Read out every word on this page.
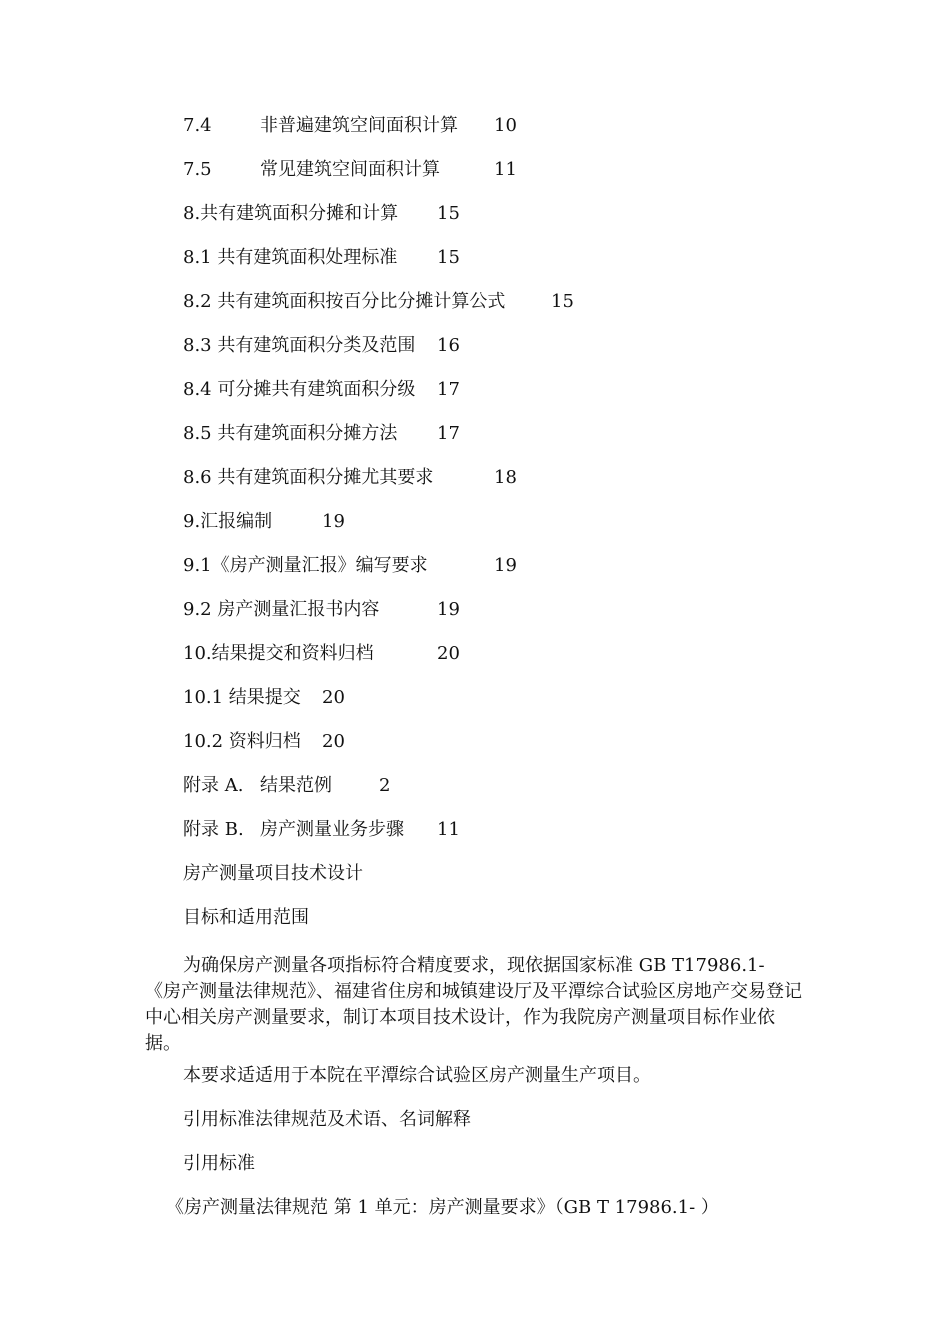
7.4	非普遍建筑空间面积计算 10
7.5	常见建筑空间面积计算	11
8.共有建筑面积分摊和计算 15
8.1 共有建筑面积处理标准 15
8.2 共有建筑面积按百分比分摊计算公式	15
8.3 共有建筑面积分类及范围 16
8.4 可分摊共有建筑面积分级 17
8.5 共有建筑面积分摊方法 17
8.6 共有建筑面积分摊尤其要求	18
9.汇报编制	19
9.1《房产测量汇报》编写要求	19
9.2 房产测量汇报书内容	19
10.结果提交和资料归档	20
10.1 结果提交 20
10.2 资料归档 20
附录 A. 结果范例	2
附录 B. 房产测量业务步骤 11
房产测量项目技术设计
目标和适用范围
为确保房产测量各项指标符合精度要求，现依据国家标准 GB T17986.1- 《房产测量法律规范》、福建省住房和城镇建设厅及平潭综合试验区房地产交易登记中心相关房产测量要求，制订本项目技术设计，作为我院房产测量项目标作业依据。
本要求适适用于本院在平潭综合试验区房产测量生产项目。
引用标准法律规范及术语、名词解释
引用标准
《房产测量法律规范 第 1 单元：房产测量要求》（GB T 17986.1- ）
